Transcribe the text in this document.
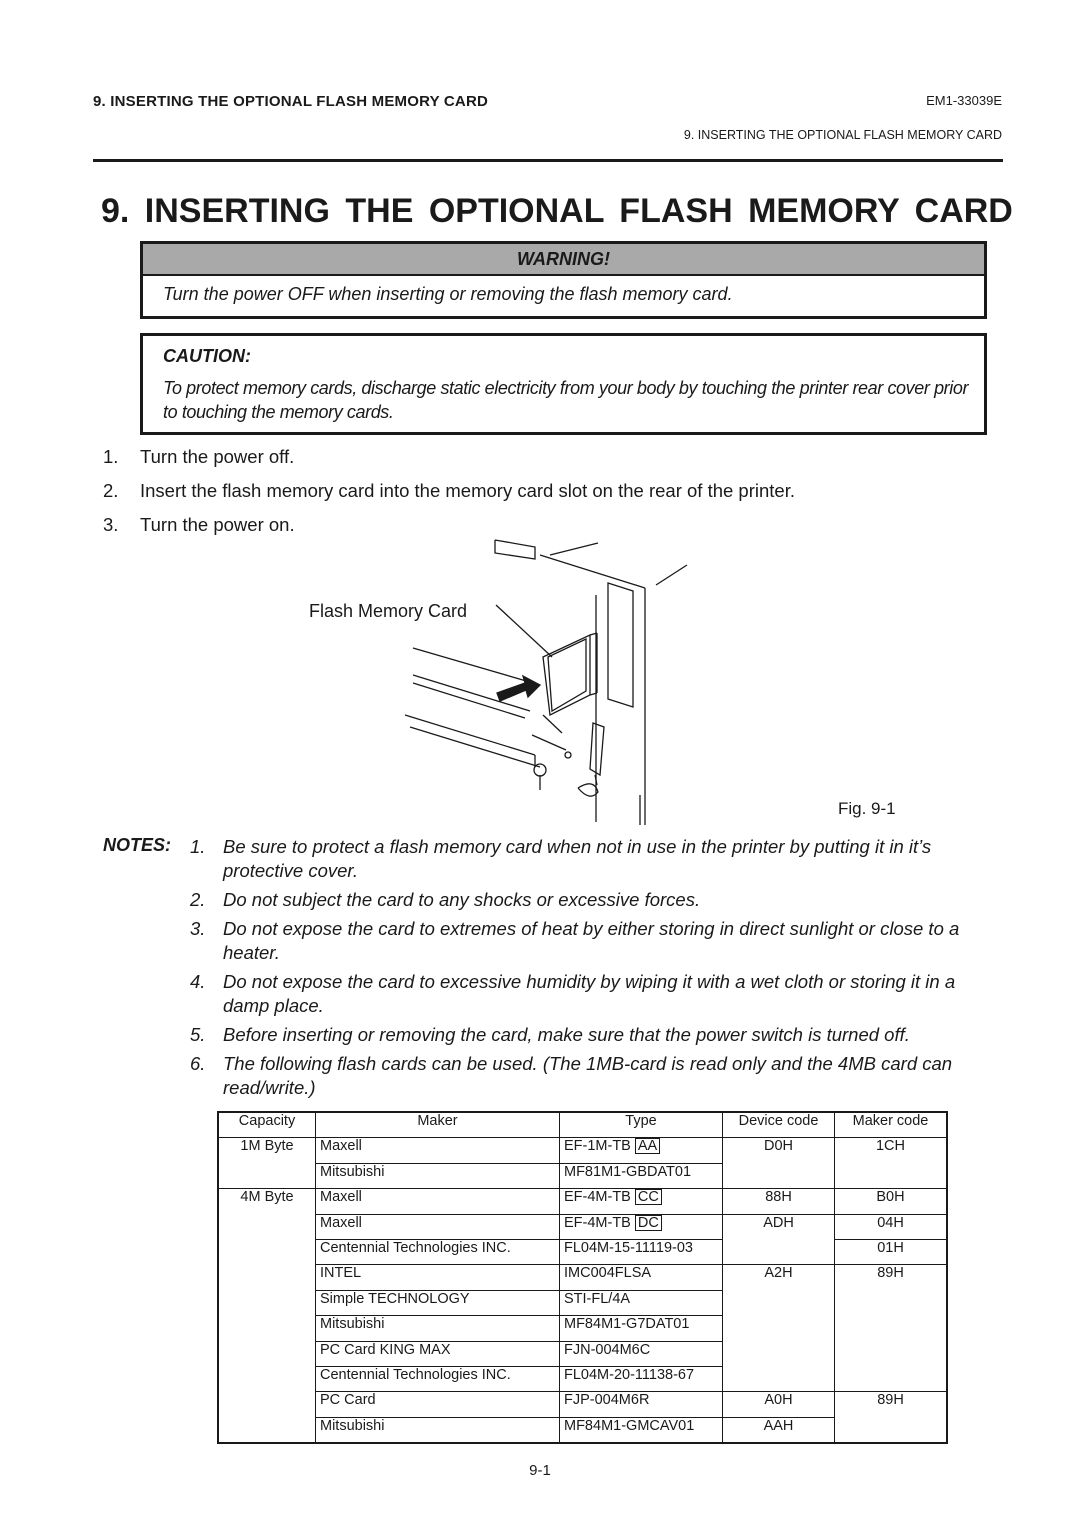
9. INSERTING THE OPTIONAL FLASH MEMORY CARD	EM1-33039E
9. INSERTING THE OPTIONAL FLASH MEMORY CARD
9. INSERTING THE OPTIONAL FLASH MEMORY CARD
WARNING!
Turn the power OFF when inserting or removing the flash memory card.
CAUTION:
To protect memory cards, discharge static electricity from your body by touching the printer rear cover prior to touching the memory cards.
1. Turn the power off.
2. Insert the flash memory card into the memory card slot on the rear of the printer.
3. Turn the power on.
Flash Memory Card
Fig. 9-1
NOTES: 1. Be sure to protect a flash memory card when not in use in the printer by putting it in it’s protective cover.
2. Do not subject the card to any shocks or excessive forces.
3. Do not expose the card to extremes of heat by either storing in direct sunlight or close to a heater.
4. Do not expose the card to excessive humidity by wiping it with a wet cloth or storing it in a damp place.
5. Before inserting or removing the card, make sure that the power switch is turned off.
6. The following flash cards can be used. (The 1MB-card is read only and the 4MB card can read/write.)
Capacity	Maker	Type	Device code	Maker code
1M Byte	Maxell	EF-1M-TB AA	D0H	1CH
	Mitsubishi	MF81M1-GBDAT01		
4M Byte	Maxell	EF-4M-TB CC	88H	B0H
	Maxell	EF-4M-TB DC	ADH	04H
	Centennial Technologies INC.	FL04M-15-11119-03		01H
	INTEL	IMC004FLSA	A2H	89H
	Simple TECHNOLOGY	STI-FL/4A		
	Mitsubishi	MF84M1-G7DAT01		
	PC Card KING MAX	FJN-004M6C		
	Centennial Technologies INC.	FL04M-20-11138-67		
	PC Card	FJP-004M6R	A0H	89H
	Mitsubishi	MF84M1-GMCAV01	AAH	
9-1
